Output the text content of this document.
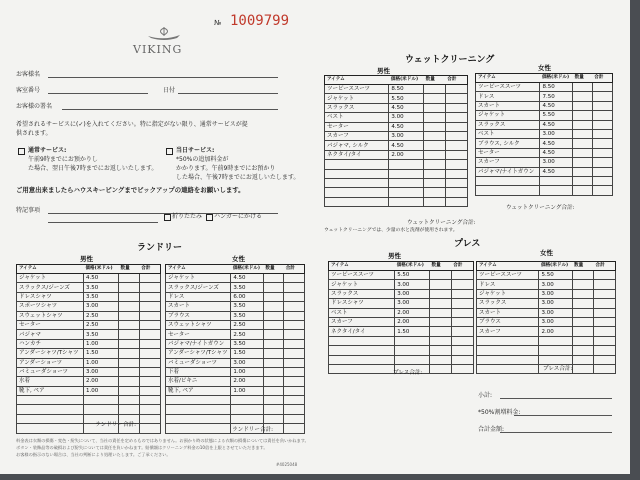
VIKING
№ 1009799
お客様名
客室番号	日付
お客様の署名
希望されるサービスに(✓)を入れてください。特に指定がない限り、通常サービスが提
供されます。
通常サービス:
午前9時までにお預かりし
た場合、翌日午後7時までにお返しいたします。
当日サービス:
*50%の追加料金が
かかります。午前9時までにお預かり
した場合、午後7時までにお返しいたします。
ご用意出来ましたらハウスキーピングまでピックアップの連絡をお願いします。
特記事項
折りたたみ ハンガーにかける
ウェットクリーニング
男性	女性
アイテム	価格(米ドル)	数量	合計
ツーピーススーツ	8.50		
ジャケット	5.50		
スラックス	4.50		
ベスト	3.00		
セーター	4.50		
スカーフ	3.00		
パジャマ, シルク	4.50		
ネクタイ/タイ	2.00		

アイテム	価格(米ドル)	数量	合計
ツーピーススーツ	8.50		
ドレス	7.50		
スカート	4.50		
ジャケット	5.50		
スラックス	4.50		
ベスト	3.00		
ブラウス, シルク	4.50		
セーター	4.50		
スカーフ	3.00		
パジャマ/ナイトガウン	4.50		

ウェットクリーニング合計:
ウェットクリーニング合計:
ウェットクリーニングでは、少量の水と洗剤が使用されます。
プレス
男性	女性
アイテム	価格(米ドル)	数量	合計
ツーピーススーツ	5.50		
ジャケット	3.00		
スラックス	3.00		
ドレスシャツ	3.00		
ベスト	2.00		
スカーフ	2.00		
ネクタイ/タイ	1.50		

アイテム	価格(米ドル)	数量	合計
ツーピーススーツ	5.50		
ドレス	3.00		
ジャケット	3.00		
スラックス	3.00		
スカート	3.00		
ブラウス	3.00		
スカーフ	2.00		

プレス合計:
プレス合計:
ランドリー
男性	女性
アイテム	価格(米ドル)	数量	合計
ジャケット	4.50		
スラックス/ジーンズ	3.50		
ドレスシャツ	3.50		
スポーツシャツ	3.00		
スウェットシャツ	2.50		
セーター	2.50		
パジャマ	3.50		
ハンカチ	1.00		
アンダーシャツ/Tシャツ	1.50		
アンダーショーツ	1.00		
バミューダショーツ	3.00		
水着	2.00		
靴下, ペア	1.00		

アイテム	価格(米ドル)	数量	合計
ジャケット	4.50		
スラックス/ジーンズ	3.50		
ドレス	6.00		
スカート	3.50		
ブラウス	3.50		
スウェットシャツ	2.50		
セーター	2.50		
パジャマ/ナイトガウン	3.50		
アンダーシャツ/Tシャツ	1.50		
バミューダショーツ	3.00		
下着	1.00		
水着/ビキニ	2.00		
靴下, ペア	1.00		

ランドリー合計:
ランドリー合計:
小計:
*50%割増料金:
合計金額:
料金表は衣類の損傷・変色・紛失について、当社の責任を定めるものではありません。お預かり時の状態による衣類の損傷については責任を負いかねます。
ボタン・装飾品等の破損および紛失については責任を負いかねます。賠償額はクリーニング料金の10倍を上限とさせていただきます。
お客様の指示のない場合は、当社の判断により処理いたします。ご了承ください。
#4025048
